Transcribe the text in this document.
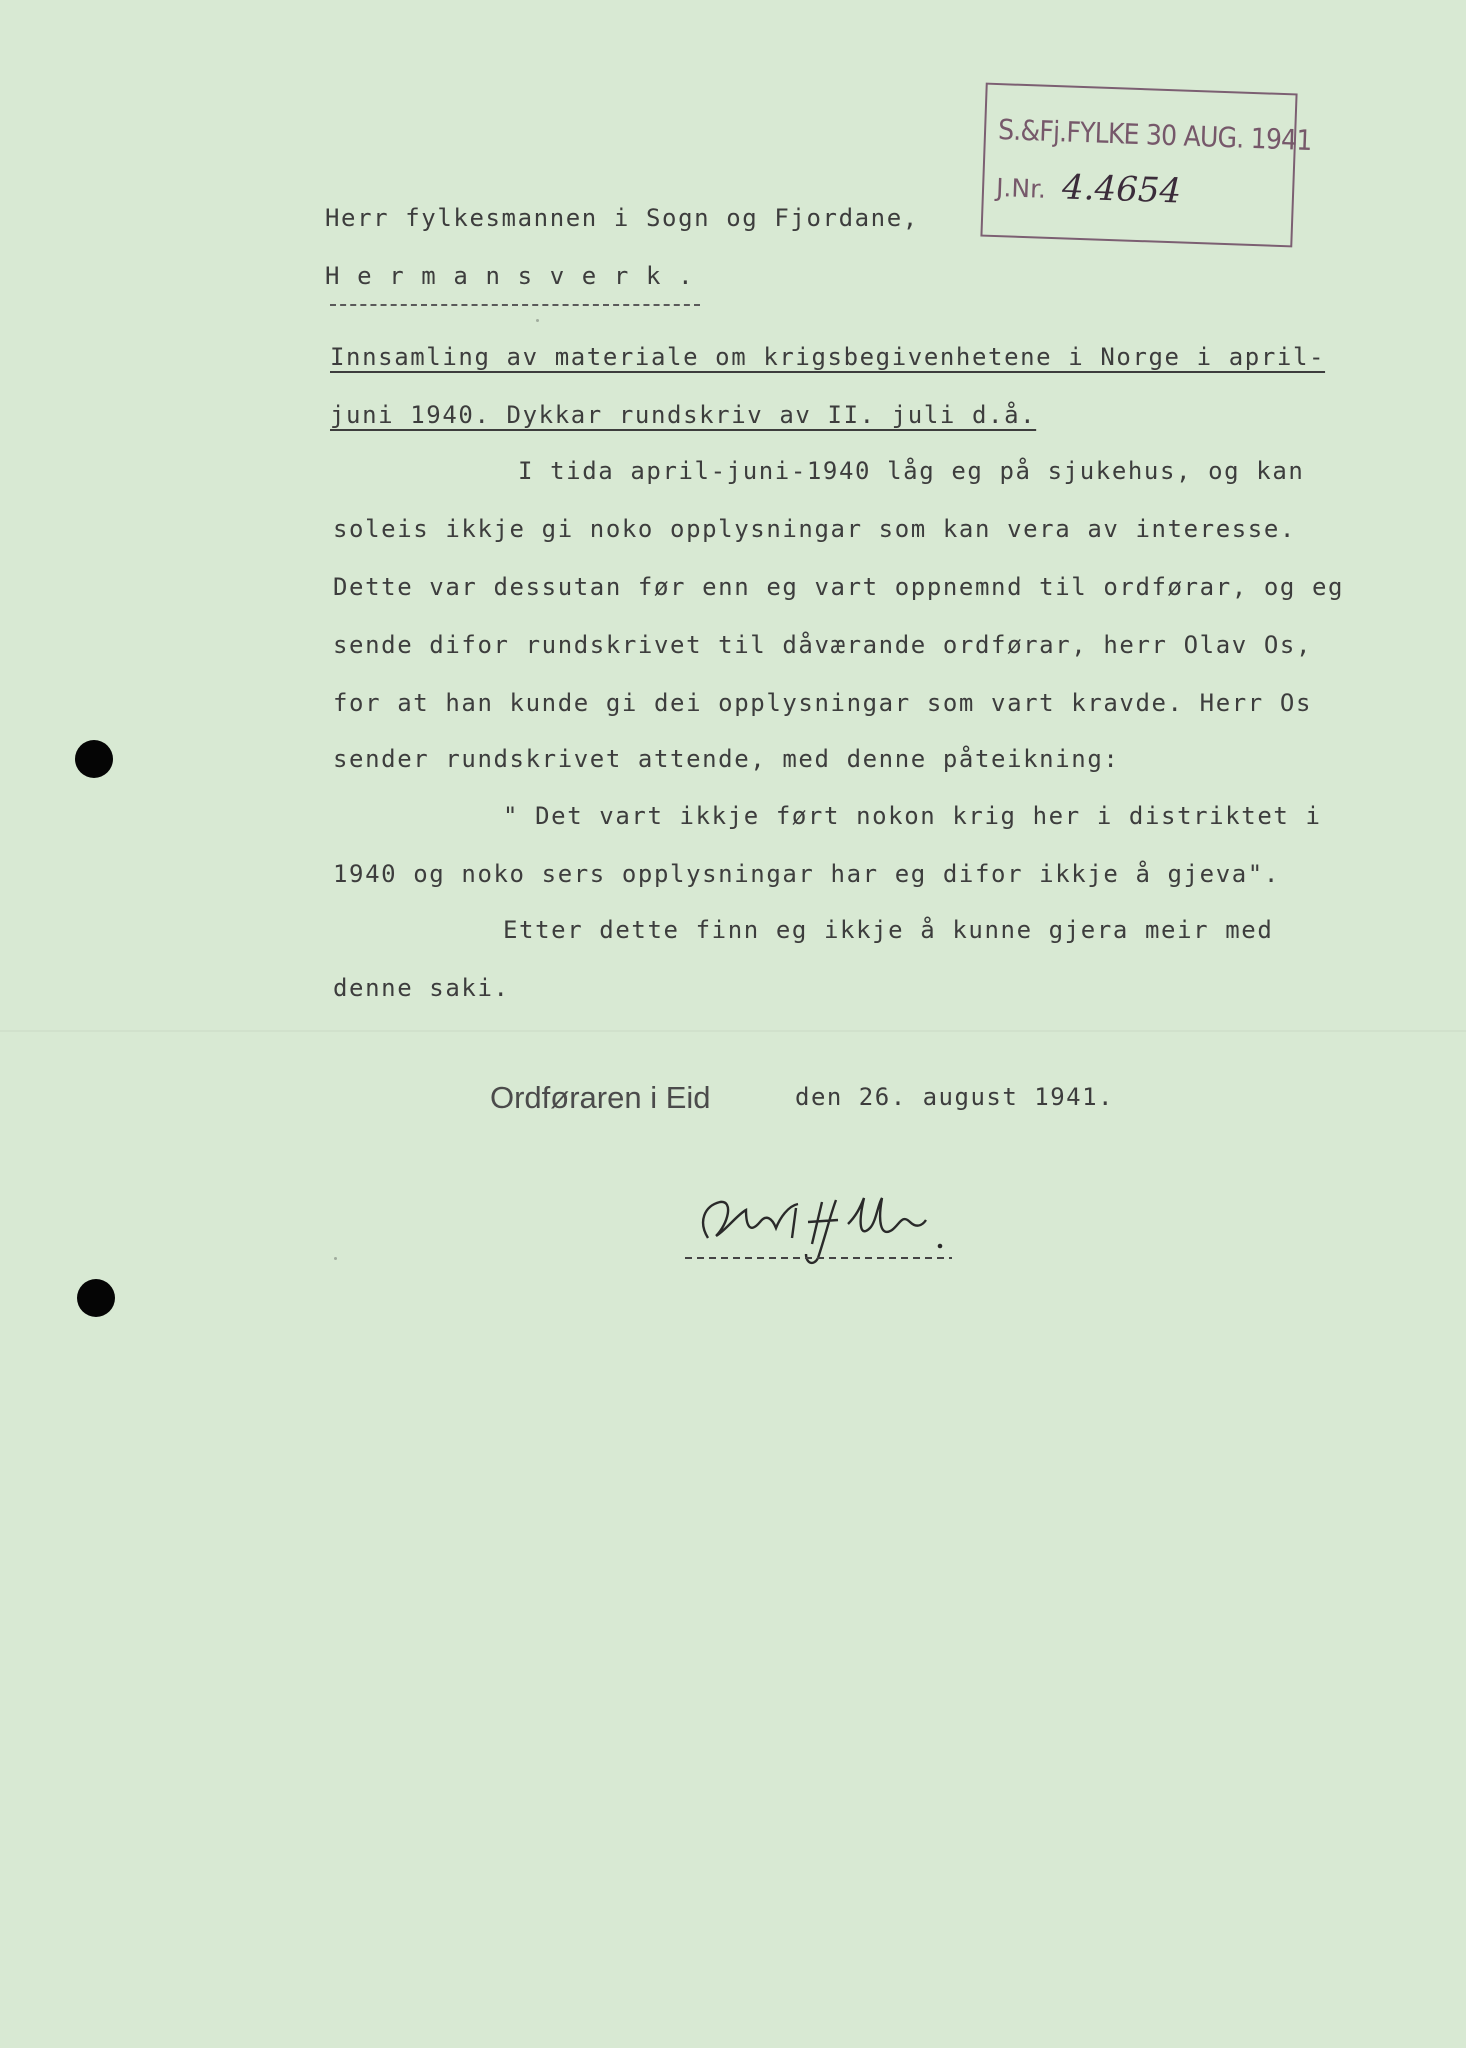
S.&Fj.FYLKE 30 AUG. 1941
J.Nr. 4.4654
Herr fylkesmannen i Sogn og Fjordane,
H e r m a n s v e r k .
Innsamling av materiale om krigsbegivenhetene i Norge i april-
juni 1940. Dykkar rundskriv av II. juli d.å.
I tida april-juni-1940 låg eg på sjukehus, og kan
soleis ikkje gi noko opplysningar som kan vera av interesse.
Dette var dessutan før enn eg vart oppnemnd til ordførar, og eg
sende difor rundskrivet til dåværande ordførar, herr Olav Os,
for at han kunde gi dei opplysningar som vart kravde. Herr Os
sender rundskrivet attende, med denne påteikning:
" Det vart ikkje ført nokon krig her i distriktet i
1940 og noko sers opplysningar har eg difor ikkje å gjeva".
Etter dette finn eg ikkje å kunne gjera meir med
denne saki.
Ordføraren i Eid	den 26. august 1941.
